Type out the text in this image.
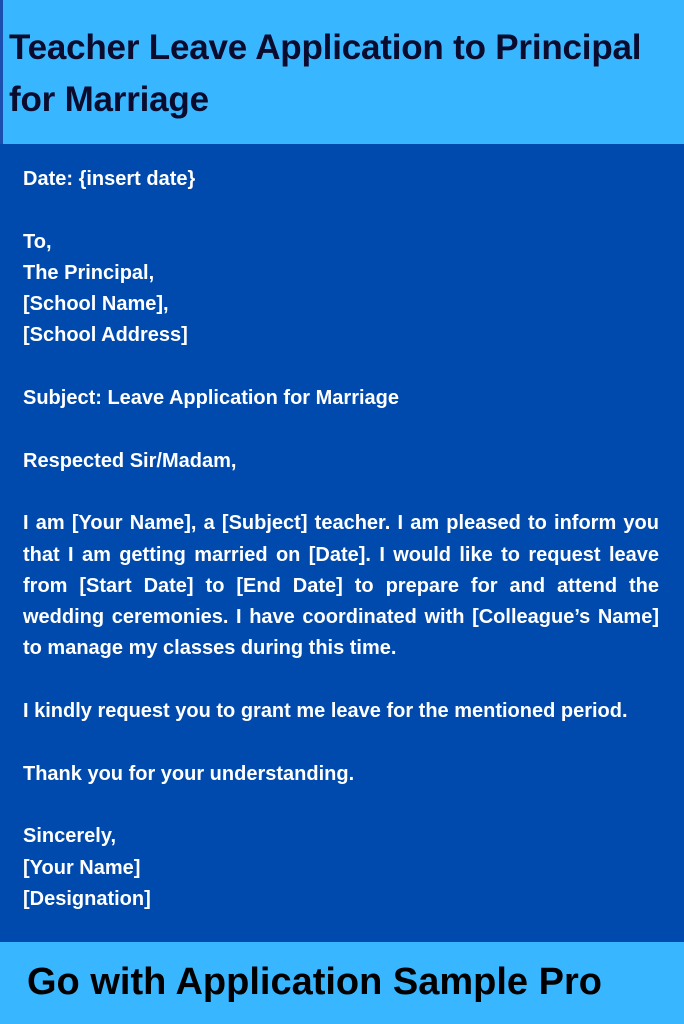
Teacher Leave Application to Principal for Marriage
Date: {insert date}
To,
The Principal,
[School Name],
[School Address]
Subject: Leave Application for Marriage
Respected Sir/Madam,
I am [Your Name], a [Subject] teacher. I am pleased to inform you that I am getting married on [Date]. I would like to request leave from [Start Date] to [End Date] to prepare for and attend the wedding ceremonies. I have coordinated with [Colleague’s Name] to manage my classes during this time.
I kindly request you to grant me leave for the mentioned period.
Thank you for your understanding.
Sincerely,
[Your Name]
[Designation]

Go with Application Sample Pro
